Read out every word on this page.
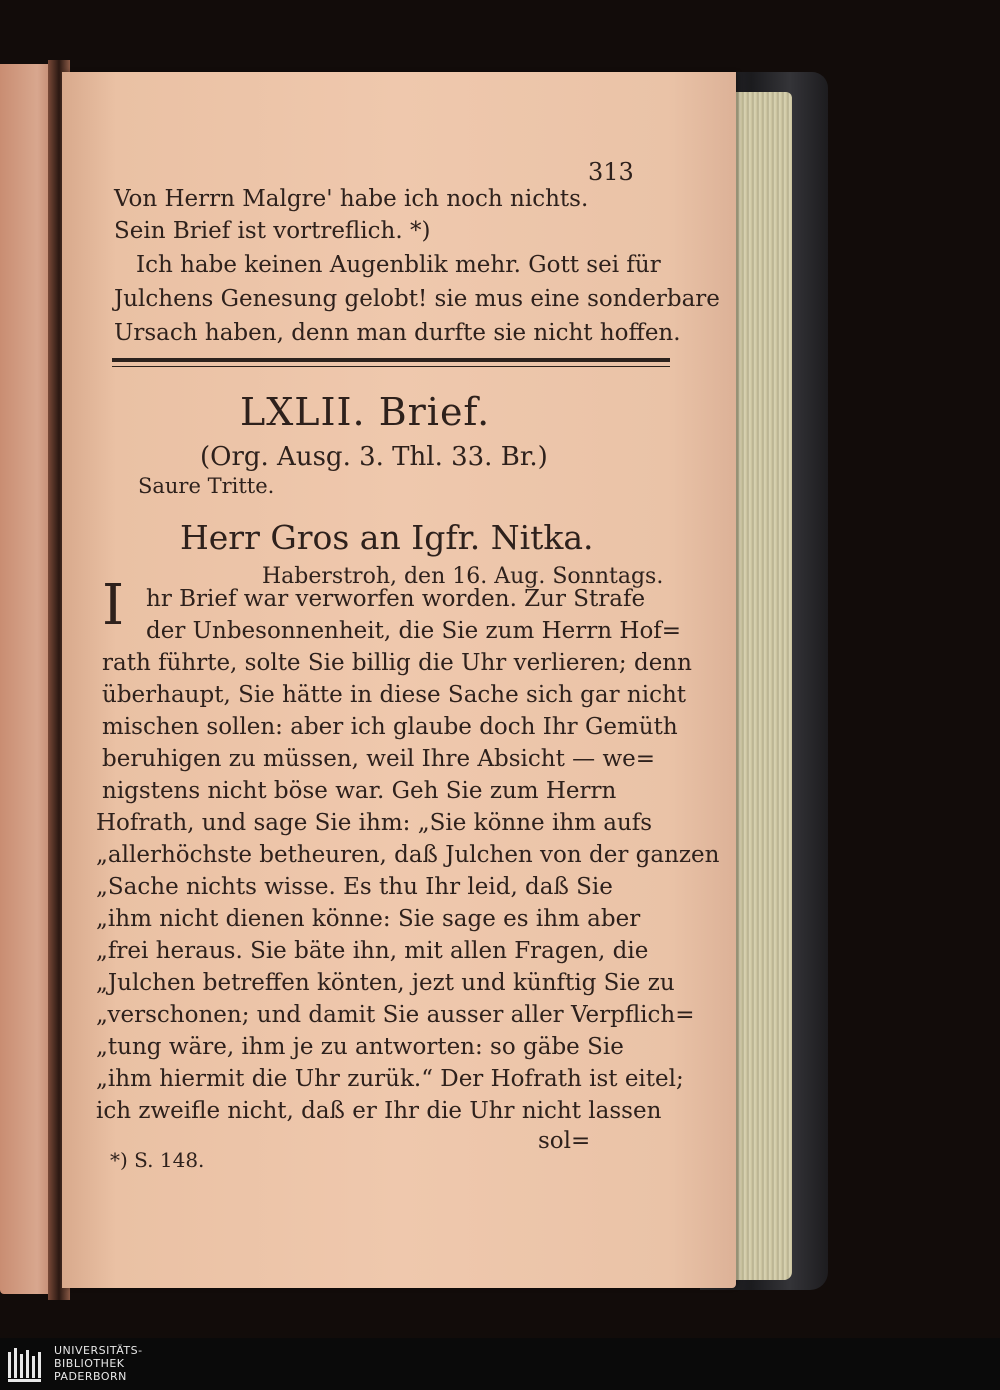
313
Von Herrn Malgre' habe ich noch nichts.
Sein Brief ist vortreflich. *)
Ich habe keinen Augenblik mehr. Gott sei für
Julchens Genesung gelobt! sie mus eine sonderbare
Ursach haben, denn man durfte sie nicht hoffen.
LXLII. Brief.
(Org. Ausg. 3. Thl. 33. Br.)
Saure Tritte.
Herr Gros an Igfr. Nitka.
Haberstroh, den 16. Aug. Sonntags.
I hr Brief war verworfen worden. Zur Strafe
der Unbesonnenheit, die Sie zum Herrn Hof=
rath führte, solte Sie billig die Uhr verlieren; denn
überhaupt, Sie hätte in diese Sache sich gar nicht
mischen sollen: aber ich glaube doch Ihr Gemüth
beruhigen zu müssen, weil Ihre Absicht — we=
nigstens nicht böse war. Geh Sie zum Herrn
Hofrath, und sage Sie ihm: „Sie könne ihm aufs
„allerhöchste betheuren, daß Julchen von der ganzen
„Sache nichts wisse. Es thu Ihr leid, daß Sie
„ihm nicht dienen könne: Sie sage es ihm aber
„frei heraus. Sie bäte ihn, mit allen Fragen, die
„Julchen betreffen könten, jezt und künftig Sie zu
„verschonen; und damit Sie ausser aller Verpflich=
„tung wäre, ihm je zu antworten: so gäbe Sie
„ihm hiermit die Uhr zurük.“ Der Hofrath ist eitel;
ich zweifle nicht, daß er Ihr die Uhr nicht lassen
sol=
*) S. 148.
UNIVERSITÄTS-
BIBLIOTHEK
PADERBORN
